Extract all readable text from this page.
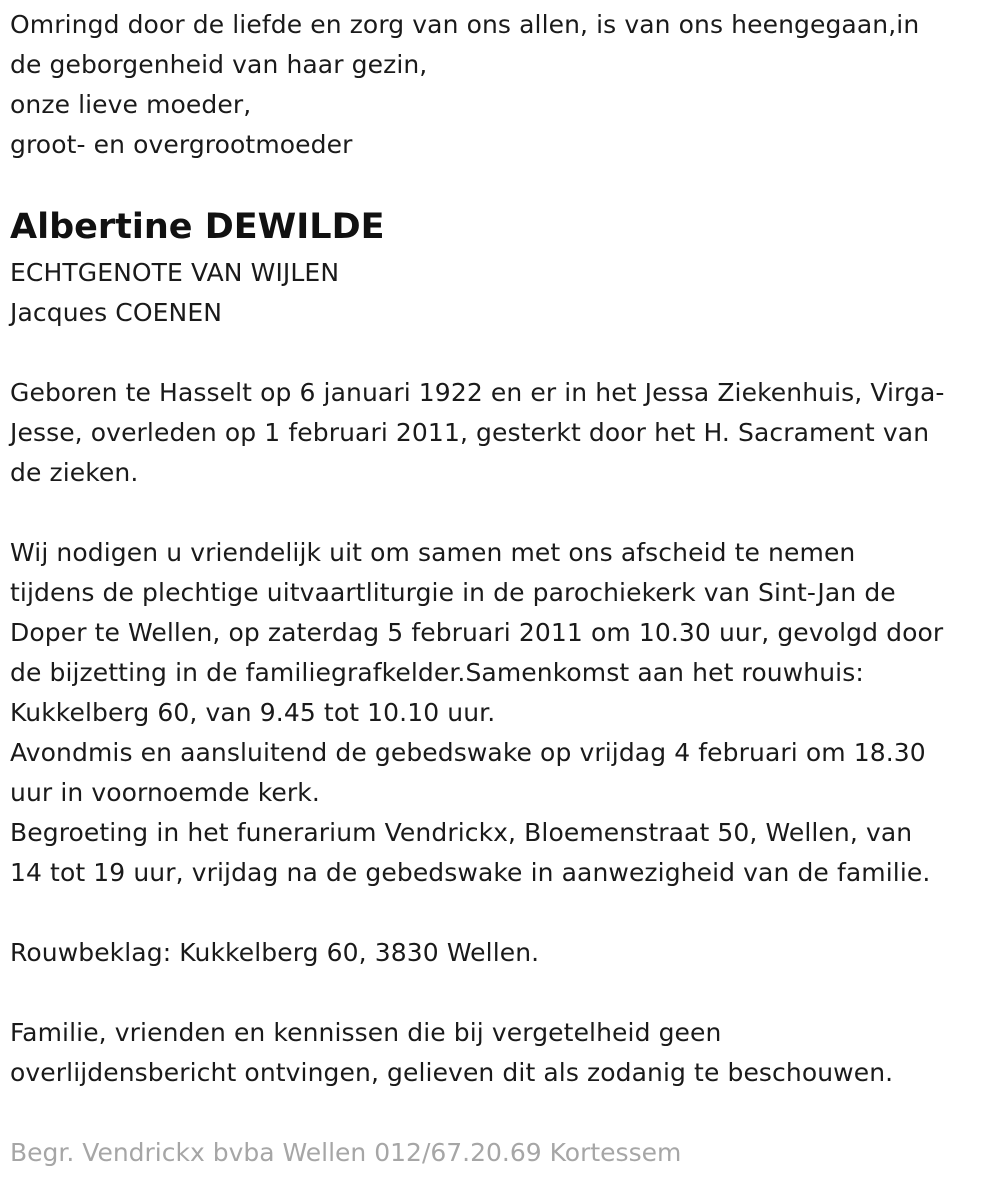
Omringd door de liefde en zorg van ons allen, is van ons heengegaan,in
de geborgenheid van haar gezin,
onze lieve moeder,
groot- en overgrootmoeder
Albertine DEWILDE
ECHTGENOTE VAN WIJLEN
Jacques COENEN
Geboren te Hasselt op 6 januari 1922 en er in het Jessa Ziekenhuis, Virga-
Jesse, overleden op 1 februari 2011, gesterkt door het H. Sacrament van
de zieken.
Wij nodigen u vriendelijk uit om samen met ons afscheid te nemen
tijdens de plechtige uitvaartliturgie in de parochiekerk van Sint-Jan de
Doper te Wellen, op zaterdag 5 februari 2011 om 10.30 uur, gevolgd door
de bijzetting in de familiegrafkelder.Samenkomst aan het rouwhuis:
Kukkelberg 60, van 9.45 tot 10.10 uur.
Avondmis en aansluitend de gebedswake op vrijdag 4 februari om 18.30
uur in voornoemde kerk.
Begroeting in het funerarium Vendrickx, Bloemenstraat 50, Wellen, van
14 tot 19 uur, vrijdag na de gebedswake in aanwezigheid van de familie.
Rouwbeklag: Kukkelberg 60, 3830 Wellen.
Familie, vrienden en kennissen die bij vergetelheid geen
overlijdensbericht ontvingen, gelieven dit als zodanig te beschouwen.
Begr. Vendrickx bvba Wellen 012/67.20.69 Kortessem
